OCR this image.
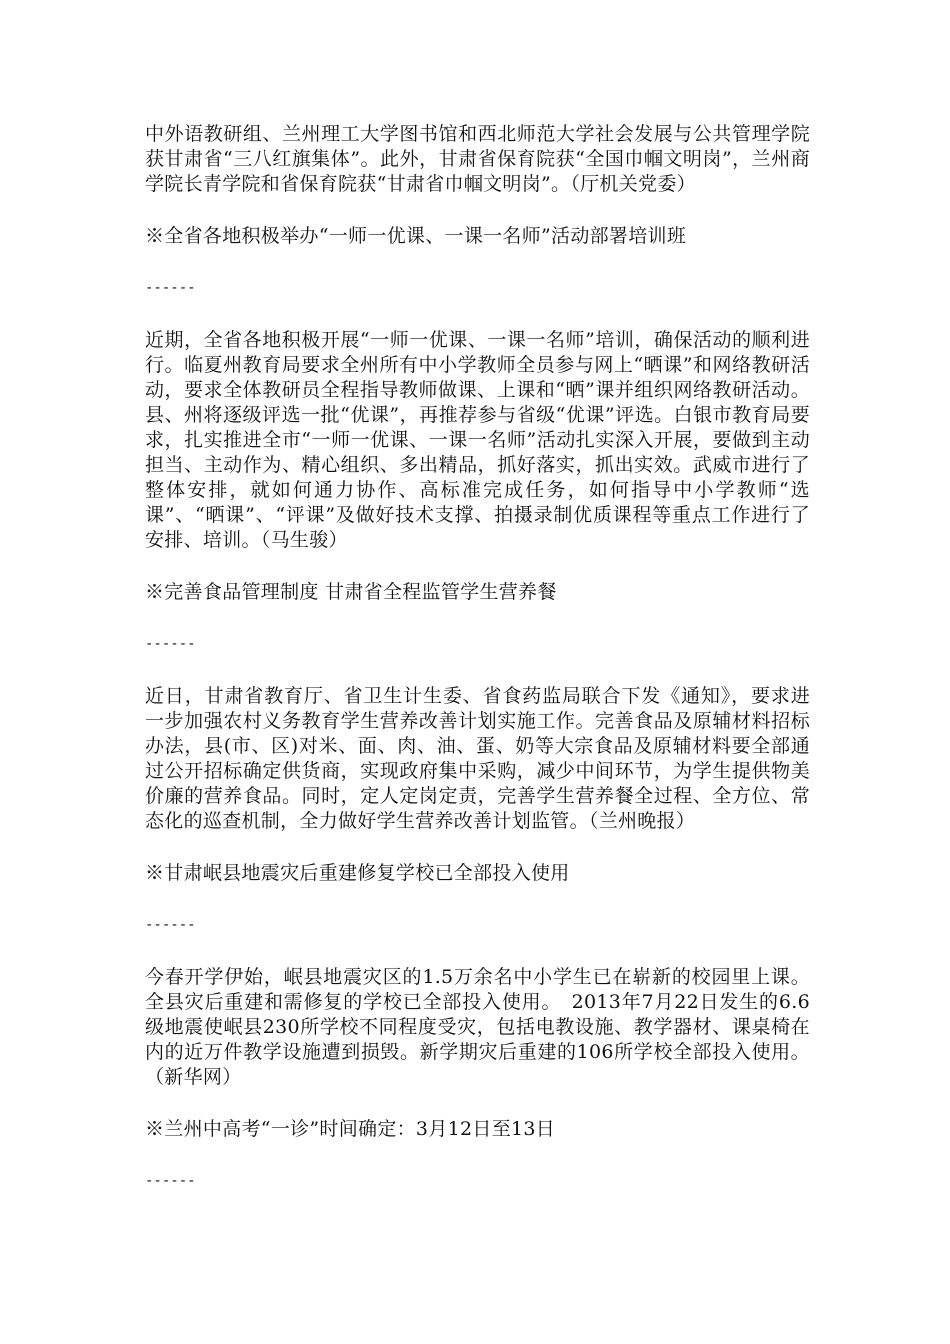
中外语教研组、兰州理工大学图书馆和西北师范大学社会发展与公共管理学院获甘肃省“三八红旗集体”。此外，甘肃省保育院获“全国巾帼文明岗”，兰州商学院长青学院和省保育院获“甘肃省巾帼文明岗”。（厅机关党委）

※全省各地积极举办“一师一优课、一课一名师”活动部署培训班

------

近期，全省各地积极开展“一师一优课、一课一名师”培训，确保活动的顺利进行。临夏州教育局要求全州所有中小学教师全员参与网上“晒课”和网络教研活动，要求全体教研员全程指导教师做课、上课和“晒”课并组织网络教研活动。县、州将逐级评选一批“优课”，再推荐参与省级“优课”评选。白银市教育局要求，扎实推进全市“一师一优课、一课一名师”活动扎实深入开展，要做到主动担当、主动作为、精心组织、多出精品，抓好落实，抓出实效。武威市进行了整体安排，就如何通力协作、高标准完成任务，如何指导中小学教师“选课”、“晒课”、“评课”及做好技术支撑、拍摄录制优质课程等重点工作进行了安排、培训。（马生骏）

※完善食品管理制度 甘肃省全程监管学生营养餐

------

近日，甘肃省教育厅、省卫生计生委、省食药监局联合下发《通知》，要求进一步加强农村义务教育学生营养改善计划实施工作。完善食品及原辅材料招标办法，县(市、区)对米、面、肉、油、蛋、奶等大宗食品及原辅材料要全部通过公开招标确定供货商，实现政府集中采购，减少中间环节，为学生提供物美价廉的营养食品。同时，定人定岗定责，完善学生营养餐全过程、全方位、常态化的巡查机制，全力做好学生营养改善计划监管。（兰州晚报）

※甘肃岷县地震灾后重建修复学校已全部投入使用

------

今春开学伊始，岷县地震灾区的1.5万余名中小学生已在崭新的校园里上课。全县灾后重建和需修复的学校已全部投入使用。　2013年7月22日发生的6.6级地震使岷县230所学校不同程度受灾，包括电教设施、教学器材、课桌椅在内的近万件教学设施遭到损毁。新学期灾后重建的106所学校全部投入使用。（新华网）

※兰州中高考“一诊”时间确定：3月12日至13日

------
